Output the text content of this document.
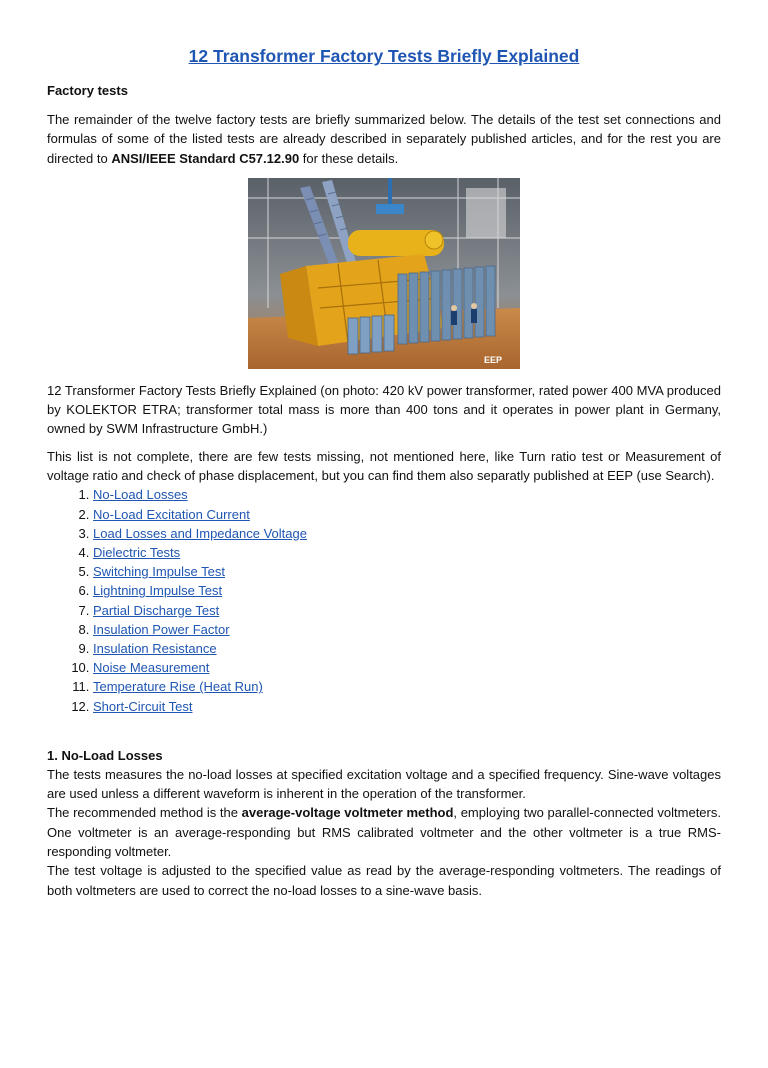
12 Transformer Factory Tests Briefly Explained
Factory tests

The remainder of the twelve factory tests are briefly summarized below. The details of the test set connections and formulas of some of the listed tests are already described in separately published articles, and for the rest you are directed to ANSI/IEEE Standard C57.12.90 for these details.

EEP

12 Transformer Factory Tests Briefly Explained (on photo: 420 kV power transformer, rated power 400 MVA produced by KOLEKTOR ETRA; transformer total mass is more than 400 tons and it operates in power plant in Germany, owned by SWM Infrastructure GmbH.)

This list is not complete, there are few tests missing, not mentioned here, like Turn ratio test or Measurement of voltage ratio and check of phase displacement, but you can find them also separatly published at EEP (use Search).

1. No-Load Losses
2. No-Load Excitation Current
3. Load Losses and Impedance Voltage
4. Dielectric Tests
5. Switching Impulse Test
6. Lightning Impulse Test
7. Partial Discharge Test
8. Insulation Power Factor
9. Insulation Resistance
10. Noise Measurement
11. Temperature Rise (Heat Run)
12. Short-Circuit Test
1. No-Load Losses

The tests measures the no-load losses at specified excitation voltage and a specified frequency. Sine-wave voltages are used unless a different waveform is inherent in the operation of the transformer.

The recommended method is the average-voltage voltmeter method, employing two parallel-connected voltmeters. One voltmeter is an average-responding but RMS calibrated voltmeter and the other voltmeter is a true RMS-responding voltmeter.

The test voltage is adjusted to the specified value as read by the average-responding voltmeters. The readings of both voltmeters are used to correct the no-load losses to a sine-wave basis.
